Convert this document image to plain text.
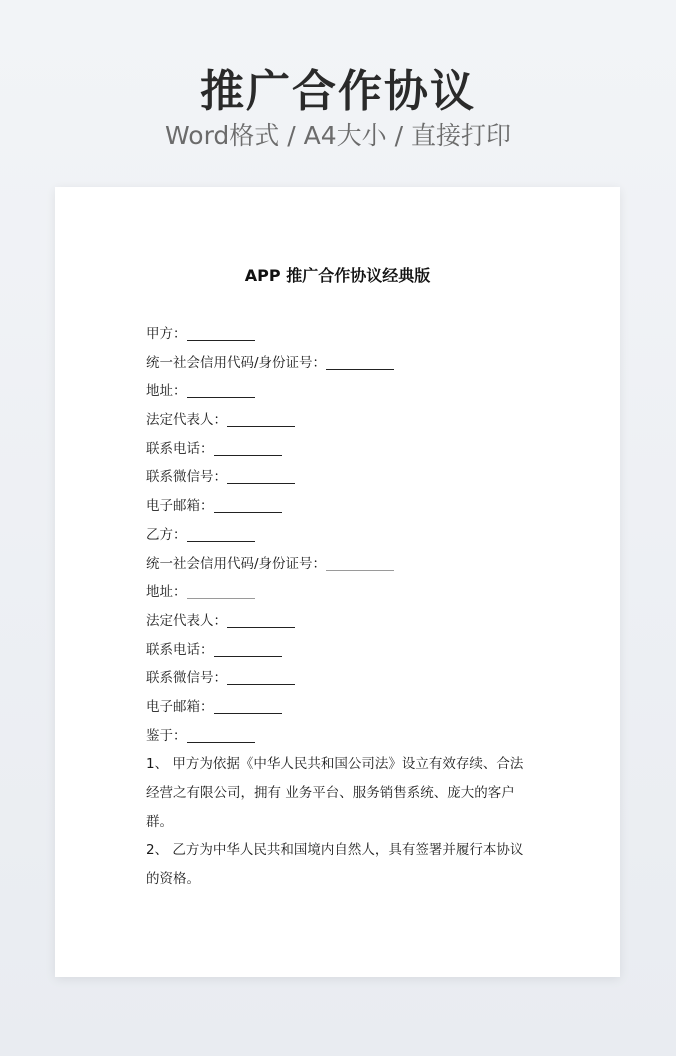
推广合作协议
Word格式 / A4大小 / 直接打印
APP 推广合作协议经典版
甲方：
统一社会信用代码/身份证号：
地址：
法定代表人：
联系电话：
联系微信号：
电子邮箱：
乙方：
统一社会信用代码/身份证号：
地址：
法定代表人：
联系电话：
联系微信号：
电子邮箱：
鉴于：
1、 甲方为依据《中华人民共和国公司法》设立有效存续、合法经营之有限公司，拥有 业务平台、服务销售系统、庞大的客户群。
2、 乙方为中华人民共和国境内自然人，具有签署并履行本协议的资格。
